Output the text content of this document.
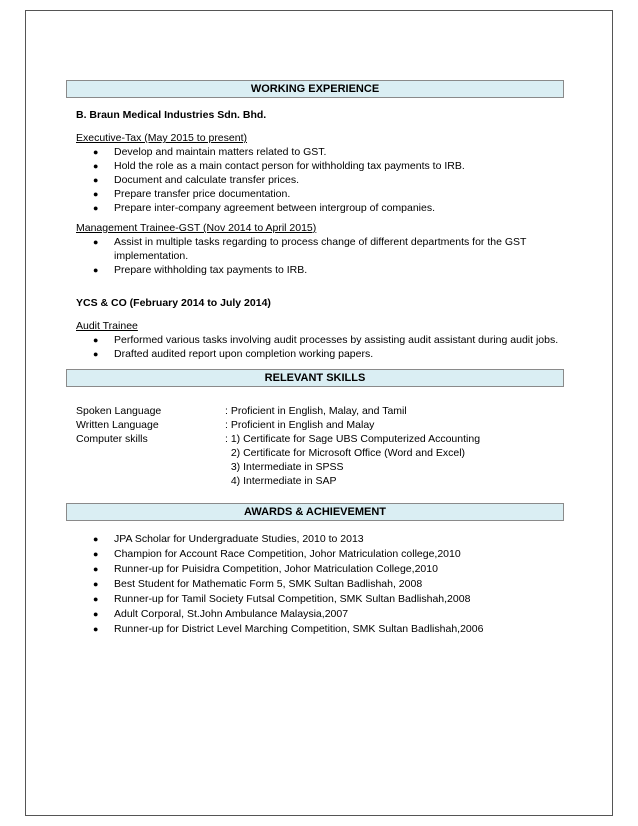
WORKING EXPERIENCE
B. Braun Medical Industries Sdn. Bhd.
Executive-Tax (May 2015 to present)
● Develop and maintain matters related to GST.
● Hold the role as a main contact person for withholding tax payments to IRB.
● Document and calculate transfer prices.
● Prepare transfer price documentation.
● Prepare inter-company agreement between intergroup of companies.
Management Trainee-GST (Nov 2014 to April 2015)
● Assist in multiple tasks regarding to process change of different departments for the GST
implementation.
● Prepare withholding tax payments to IRB.
YCS & CO (February 2014 to July 2014)
Audit Trainee
● Performed various tasks involving audit processes by assisting audit assistant during audit jobs.
● Drafted audited report upon completion working papers.
RELEVANT SKILLS
Spoken Language	: Proficient in English, Malay, and Tamil
Written Language	: Proficient in English and Malay
Computer skills	: 1) Certificate for Sage UBS Computerized Accounting
2) Certificate for Microsoft Office (Word and Excel)
3) Intermediate in SPSS
4) Intermediate in SAP
AWARDS & ACHIEVEMENT
● JPA Scholar for Undergraduate Studies, 2010 to 2013
● Champion for Account Race Competition, Johor Matriculation college,2010
● Runner-up for Puisidra Competition, Johor Matriculation College,2010
● Best Student for Mathematic Form 5, SMK Sultan Badlishah, 2008
● Runner-up for Tamil Society Futsal Competition, SMK Sultan Badlishah,2008
● Adult Corporal, St.John Ambulance Malaysia,2007
● Runner-up for District Level Marching Competition, SMK Sultan Badlishah,2006
